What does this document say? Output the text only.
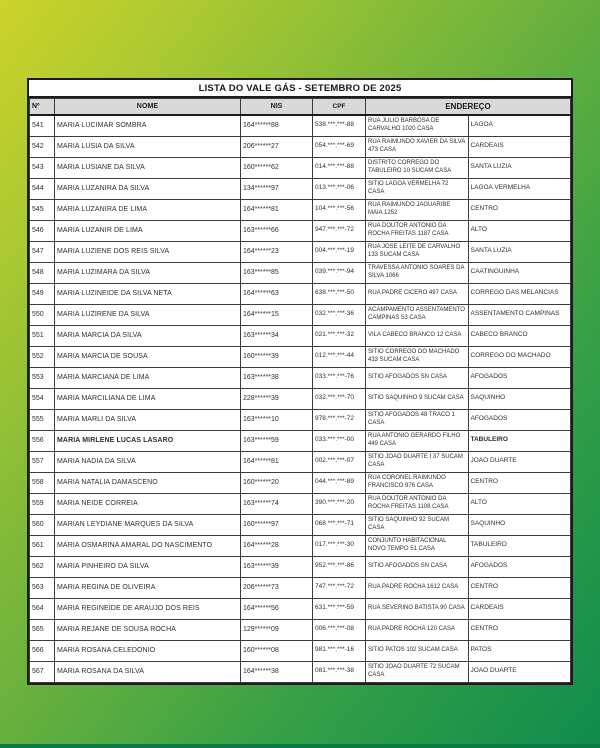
LISTA DO VALE GÁS - SETEMBRO DE 2025
Nº	NOME	NIS	CPF	ENDEREÇO	
541	MARIA LUCIMAR SOMBRA	164******88	538.***.***-88	RUA JULIO BARBOSA DE CARVALHO 1020 CASA	LAGOA
542	MARIA LUSIA DA SILVA	206******27	054.***.***-69	RUA RAIMUNDO XAVIER DA SILVA 473 CASA	CARDEAIS
543	MARIA LUSIANE DA SILVA	160******62	014.***.***-88	DISTRITO CORREGO DO TABULEIRO 10 SUCAM CASA	SANTA LUZIA
544	MARIA LUZANIRA DA SILVA	134******97	013.***.***-06	SITIO LAGOA VERMELHA 72 CASA	LAGOA VERMELHA
545	MARIA LUZANIRA DE LIMA	164******81	104.***.***-56	RUA RAIMUNDO JAGUARIBE MAIA 1252	CENTRO
546	MARIA LUZANIR DE LIMA	163******66	947.***.***-72	RUA DOUTOR ANTONIO DA ROCHA FREITAS 1187 CASA	ALTO
547	MARIA LUZIENE DOS REIS SILVA	164******23	004.***.***-19	RUA JOSE LEITE DE CARVALHO 133 SUCAM CASA	SANTA LUZIA
548	MARIA LUZIMARA DA SILVA	163******85	039.***.***-94	TRAVESSA ANTONIO SOARES DA SILVA 1066	CAATINGUINHA
549	MARIA LUZINEIDE DA SILVA NETA	164******63	638.***.***-50	RUA PADRE CICERO 497 CASA	CORREGO DAS MELANCIAS
550	MARIA LUZIRENE DA SILVA	164******15	032.***.***-36	ACAMPAMENTO ASSENTAMENTO CAMPINAS 53 CASA	ASSENTAMENTO CAMPINAS
551	MARIA MARCIA DA SILVA	163******34	021.***.***-32	VILA CABECO BRANCO 12 CASA	CABECO BRANCO
552	MARIA MARCIA DE SOUSA	160******39	012.***.***-44	SITIO CORREGO DO MACHADO 433 SUCAM CASA	CORREGO DO MACHADO
553	MARIA MARCIANA DE LIMA	163******38	033.***.***-76	SITIO AFOGADOS SN CASA	AFOGADOS
554	MARIA MARCILIANA DE LIMA	228******39	032.***.***-70	SITIO SAQUINHO 9 SUCAM CASA	SAQUINHO
555	MARIA MARLI DA SILVA	163******10	978.***.***-72	SITIO AFOGADOS 48 TRACO 1 CASA	AFOGADOS
556	MARIA MIRLENE LUCAS LASARO	163******59	033.***.***-00	RUA ANTONIO GERARDO FILHO 449 CASA	TABULEIRO
557	MARIA NADIA DA SILVA	164******81	002.***.***-07	SITIO JOAO DUARTE I 37 SUCAM CASA	JOAO DUARTE
558	MARIA NATALIA DAMASCENO	160******20	044.***.***-89	RUA CORONEL RAIMUNDO FRANCISCO 976 CASA	CENTRO
559	MARIA NEIDE CORREIA	163******74	390.***.***-20	RUA DOUTOR ANTONIO DA ROCHA FREITAS 1108 CASA	ALTO
560	MARIAN LEYDIANE MARQUES DA SILVA	160******97	068.***.***-71	SITIO SAQUINHO 92 SUCAM CASA	SAQUINHO
561	MARIA OSMARINA AMARAL DO NASCIMENTO	164******28	017.***.***-30	CONJUNTO HABITACIONAL NOVO TEMPO 51 CASA	TABULEIRO
562	MARIA PINHEIRO DA SILVA	163******39	952.***.***-86	SITIO AFOGADOS SN CASA	AFOGADOS
563	MARIA REGINA DE OLIVEIRA	206******73	747.***.***-72	RUA PADRE ROCHA 1612 CASA	CENTRO
564	MARIA REGINEIDE DE ARAUJO DOS REIS	164******56	631.***.***-59	RUA SEVERINO BATISTA 90 CASA	CARDEAIS
565	MARIA REJANE DE SOUSA ROCHA	129******09	006.***.***-08	RUA PADRE ROCHA 120 CASA	CENTRO
566	MARIA ROSANA CELEDONIO	160******08	981.***.***-16	SITIO PATOS 102 SUCAM CASA	PATOS
567	MARIA ROSANA DA SILVA	164******38	081.***.***-38	SITIO JOAO DUARTE 72 SUCAM CASA	JOAO DUARTE
